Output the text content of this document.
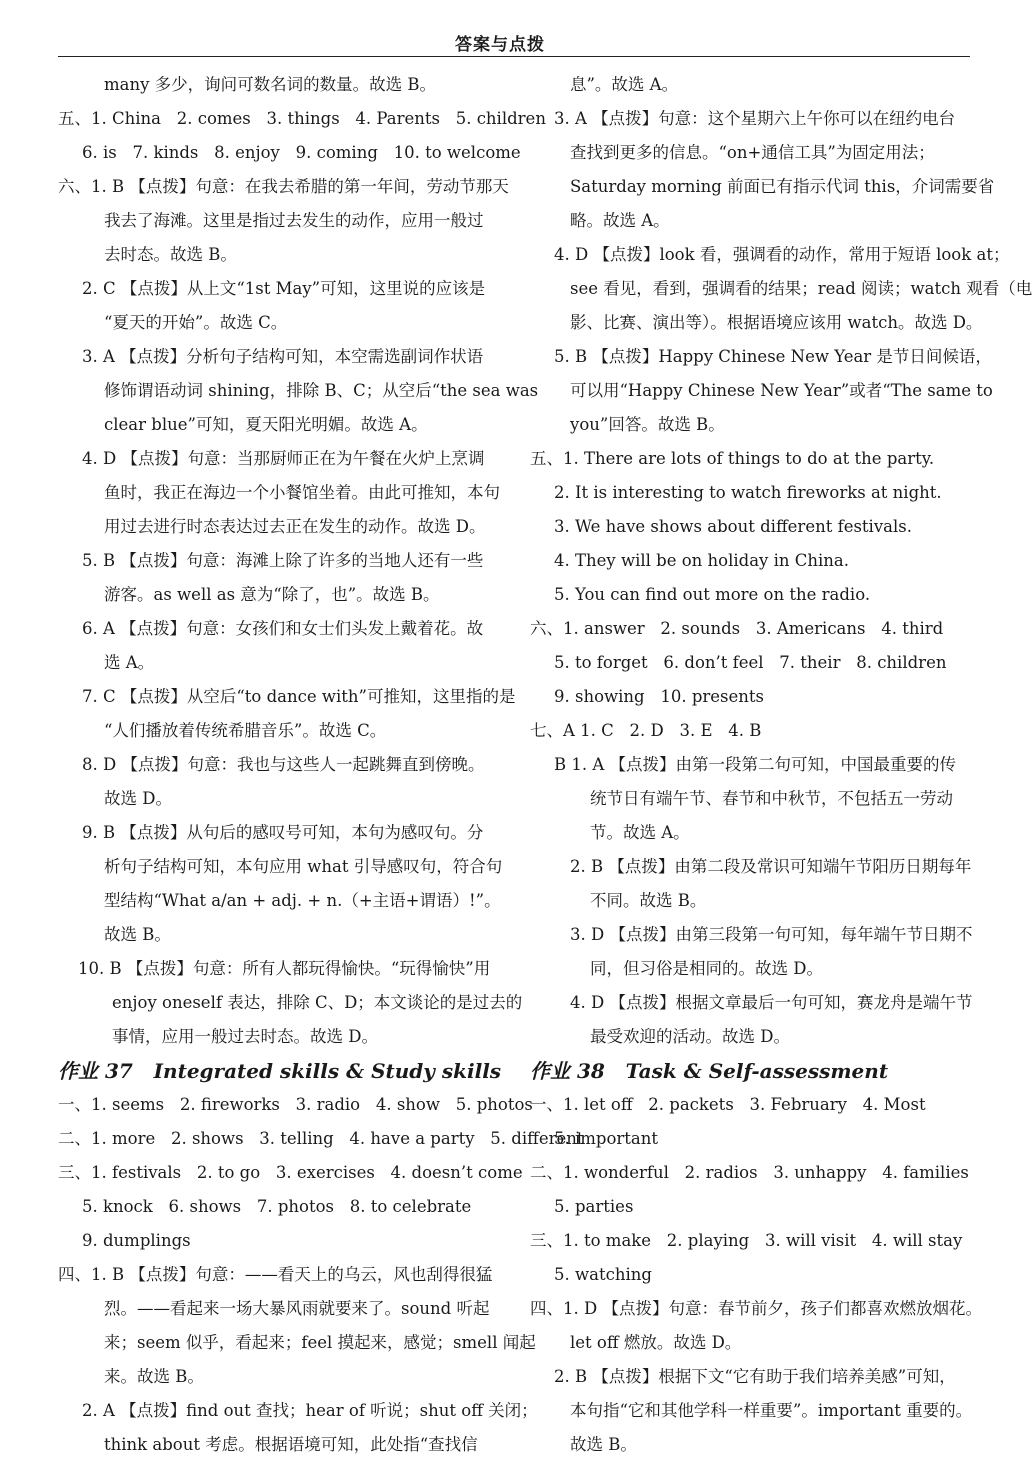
答案与点拨
many 多少，询问可数名词的数量。故选 B。
五、1. China   2. comes   3. things   4. Parents   5. children
6. is   7. kinds   8. enjoy   9. coming   10. to welcome
六、1. B 【点拨】句意：在我去希腊的第一年间，劳动节那天
我去了海滩。这里是指过去发生的动作，应用一般过
去时态。故选 B。
2. C 【点拨】从上文“1st May”可知，这里说的应该是
“夏天的开始”。故选 C。
3. A 【点拨】分析句子结构可知，本空需选副词作状语
修饰谓语动词 shining，排除 B、C；从空后“the sea was
clear blue”可知，夏天阳光明媚。故选 A。
4. D 【点拨】句意：当那厨师正在为午餐在火炉上烹调
鱼时，我正在海边一个小餐馆坐着。由此可推知，本句
用过去进行时态表达过去正在发生的动作。故选 D。
5. B 【点拨】句意：海滩上除了许多的当地人还有一些
游客。as well as 意为“除了，也”。故选 B。
6. A 【点拨】句意：女孩们和女士们头发上戴着花。故
选 A。
7. C 【点拨】从空后“to dance with”可推知，这里指的是
“人们播放着传统希腊音乐”。故选 C。
8. D 【点拨】句意：我也与这些人一起跳舞直到傍晚。
故选 D。
9. B 【点拨】从句后的感叹号可知，本句为感叹句。分
析句子结构可知，本句应用 what 引导感叹句，符合句
型结构“What a/an + adj. + n.（+主语+谓语）!”。
故选 B。
10. B 【点拨】句意：所有人都玩得愉快。“玩得愉快”用
enjoy oneself 表达，排除 C、D；本文谈论的是过去的
事情，应用一般过去时态。故选 D。
作业 37   Integrated skills & Study skills
一、1. seems   2. fireworks   3. radio   4. show   5. photos
二、1. more   2. shows   3. telling   4. have a party   5. different
三、1. festivals   2. to go   3. exercises   4. doesn’t come
5. knock   6. shows   7. photos   8. to celebrate
9. dumplings
四、1. B 【点拨】句意：——看天上的乌云，风也刮得很猛
烈。——看起来一场大暴风雨就要来了。sound 听起
来；seem 似乎，看起来；feel 摸起来，感觉；smell 闻起
来。故选 B。
2. A 【点拨】find out 查找；hear of 听说；shut off 关闭；
think about 考虑。根据语境可知，此处指“查找信
息”。故选 A。
3. A 【点拨】句意：这个星期六上午你可以在纽约电台
查找到更多的信息。“on+通信工具”为固定用法；
Saturday morning 前面已有指示代词 this，介词需要省
略。故选 A。
4. D 【点拨】look 看，强调看的动作，常用于短语 look at；
see 看见，看到，强调看的结果；read 阅读；watch 观看（电
影、比赛、演出等）。根据语境应该用 watch。故选 D。
5. B 【点拨】Happy Chinese New Year 是节日间候语，
可以用“Happy Chinese New Year”或者“The same to
you”回答。故选 B。
五、1. There are lots of things to do at the party.
2. It is interesting to watch fireworks at night.
3. We have shows about different festivals.
4. They will be on holiday in China.
5. You can find out more on the radio.
六、1. answer   2. sounds   3. Americans   4. third
5. to forget   6. don’t feel   7. their   8. children
9. showing   10. presents
七、A 1. C   2. D   3. E   4. B
B 1. A 【点拨】由第一段第二句可知，中国最重要的传
统节日有端午节、春节和中秋节，不包括五一劳动
节。故选 A。
2. B 【点拨】由第二段及常识可知端午节阳历日期每年
不同。故选 B。
3. D 【点拨】由第三段第一句可知，每年端午节日期不
同，但习俗是相同的。故选 D。
4. D 【点拨】根据文章最后一句可知，赛龙舟是端午节
最受欢迎的活动。故选 D。
作业 38   Task & Self-assessment
一、1. let off   2. packets   3. February   4. Most
5. important
二、1. wonderful   2. radios   3. unhappy   4. families
5. parties
三、1. to make   2. playing   3. will visit   4. will stay
5. watching
四、1. D 【点拨】句意：春节前夕，孩子们都喜欢燃放烟花。
let off 燃放。故选 D。
2. B 【点拨】根据下文“它有助于我们培养美感”可知，
本句指“它和其他学科一样重要”。important 重要的。
故选 B。
